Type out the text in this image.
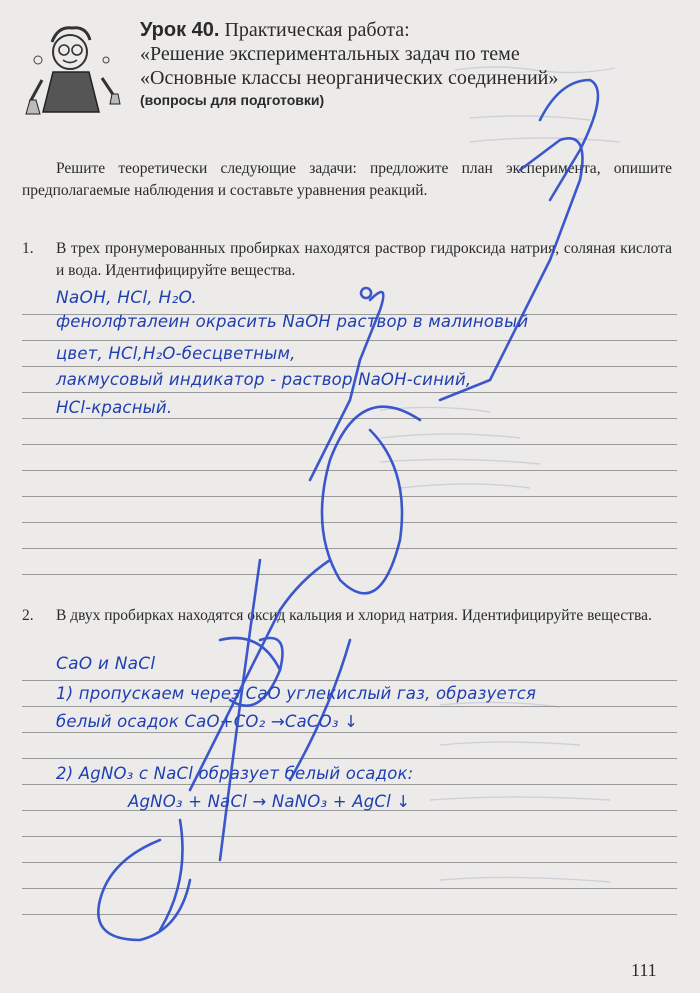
Урок 40. Практическая работа:
«Решение экспериментальных задач по теме
«Основные классы неорганических соединений»
(вопросы для подготовки)
Решите теоретически следующие задачи: предложите план эксперимента, опишите предполагаемые наблюдения и составьте уравнения реакций.
1. В трех пронумерованных пробирках находятся раствор гидроксида натрия, соляная кислота и вода. Идентифицируйте вещества.
NaOH, HCl, H₂O.
фенолфталеин окрасить NaOH раствор в малиновый
цвет, HCl,H₂O-бесцветным,
лакмусовый индикатор - раствор NaOH-синий,
HCl-красный.
2. В двух пробирках находятся оксид кальция и хлорид натрия. Идентифицируйте вещества.
CaO и NaCl
1) пропускаем через CaO углекислый газ, образуется
белый осадок CaO+CO₂ →CaCO₃ ↓
2) AgNO₃ с NaCl образует белый осадок:
AgNO₃ + NaCl → NaNO₃ + AgCl ↓
111
